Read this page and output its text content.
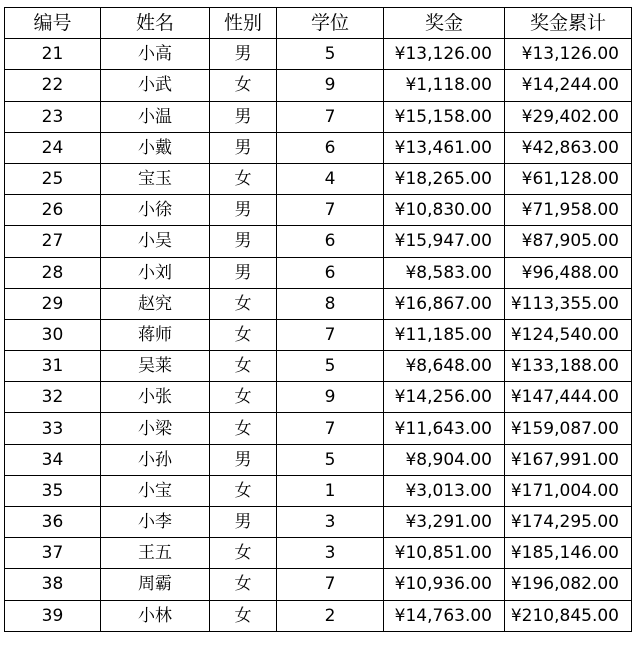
编号	姓名	性别	学位	奖金	奖金累计
21	小高	男	5	¥13,126.00	¥13,126.00
22	小武	女	9	¥1,118.00	¥14,244.00
23	小温	男	7	¥15,158.00	¥29,402.00
24	小戴	男	6	¥13,461.00	¥42,863.00
25	宝玉	女	4	¥18,265.00	¥61,128.00
26	小徐	男	7	¥10,830.00	¥71,958.00
27	小吴	男	6	¥15,947.00	¥87,905.00
28	小刘	男	6	¥8,583.00	¥96,488.00
29	赵究	女	8	¥16,867.00	¥113,355.00
30	蒋师	女	7	¥11,185.00	¥124,540.00
31	吴莱	女	5	¥8,648.00	¥133,188.00
32	小张	女	9	¥14,256.00	¥147,444.00
33	小梁	女	7	¥11,643.00	¥159,087.00
34	小孙	男	5	¥8,904.00	¥167,991.00
35	小宝	女	1	¥3,013.00	¥171,004.00
36	小李	男	3	¥3,291.00	¥174,295.00
37	王五	女	3	¥10,851.00	¥185,146.00
38	周霸	女	7	¥10,936.00	¥196,082.00
39	小林	女	2	¥14,763.00	¥210,845.00
